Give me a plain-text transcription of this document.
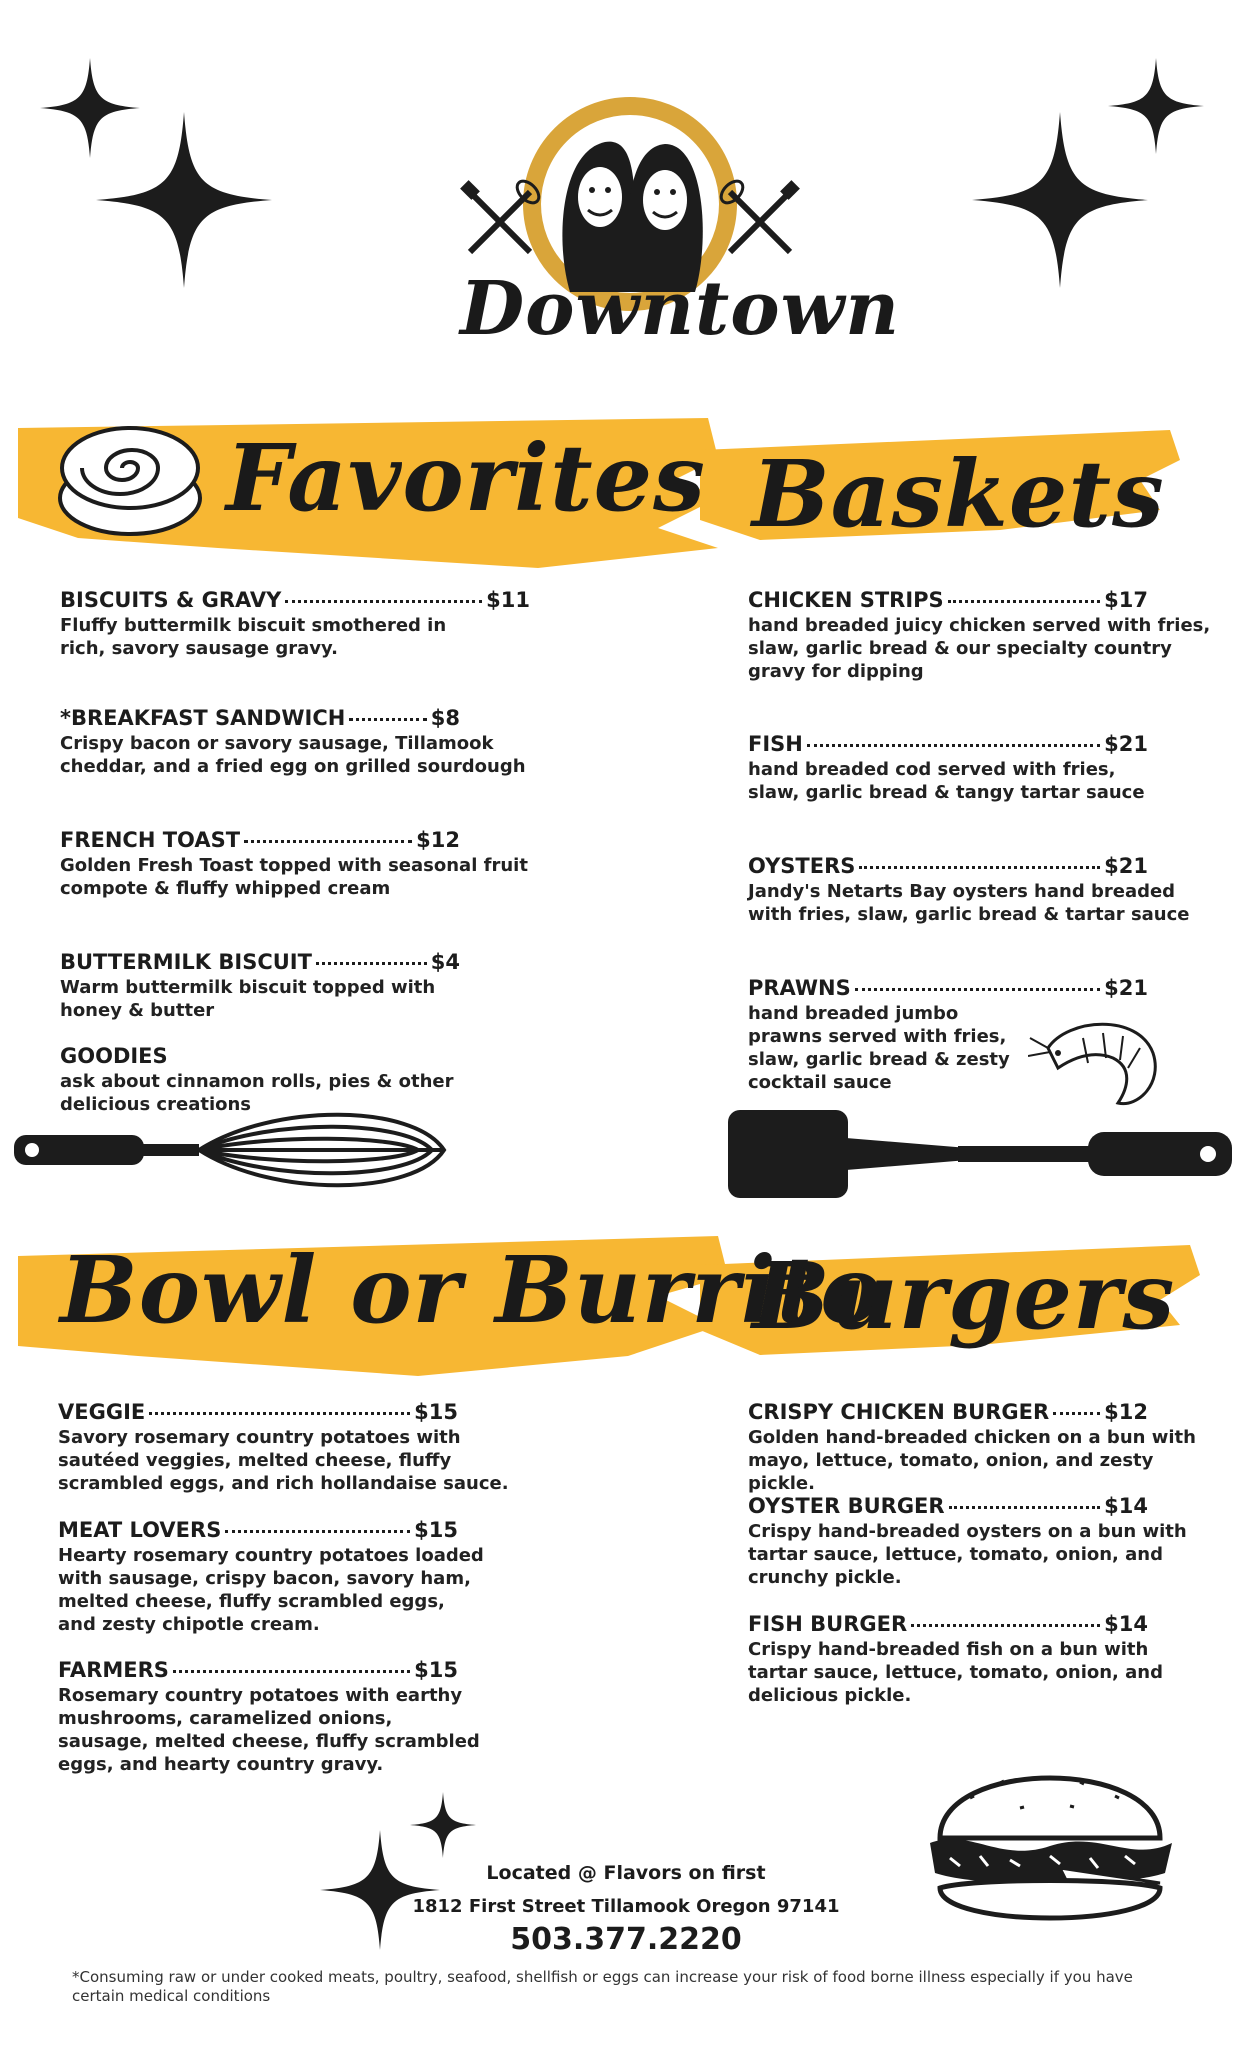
Downtown
Favorites Baskets
Bowl or Burrito
Burgers
BISCUITS & GRAVY	$11
Fluffy buttermilk biscuit smothered in rich, savory sausage gravy.
*BREAKFAST SANDWICH	$8
Crispy bacon or savory sausage, Tillamook cheddar, and a fried egg on grilled sourdough
FRENCH TOAST	$12
Golden Fresh Toast topped with seasonal fruit compote & fluffy whipped cream
BUTTERMILK BISCUIT	$4
Warm buttermilk biscuit topped with honey & butter
GOODIES
ask about cinnamon rolls, pies & other delicious creations
CHICKEN STRIPS	$17
hand breaded juicy chicken served with fries, slaw, garlic bread & our specialty country gravy for dipping
FISH	$21
hand breaded cod served with fries, slaw, garlic bread & tangy tartar sauce
OYSTERS	$21
Jandy's Netarts Bay oysters hand breaded with fries, slaw, garlic bread & tartar sauce
PRAWNS	$21
hand breaded jumbo prawns served with fries, slaw, garlic bread & zesty cocktail sauce
VEGGIE	$15
Savory rosemary country potatoes with sautéed veggies, melted cheese, fluffy scrambled eggs, and rich hollandaise sauce.
MEAT LOVERS	$15
Hearty rosemary country potatoes loaded with sausage, crispy bacon, savory ham, melted cheese, fluffy scrambled eggs, and zesty chipotle cream.
FARMERS	$15
Rosemary country potatoes with earthy mushrooms, caramelized onions, sausage, melted cheese, fluffy scrambled eggs, and hearty country gravy.
CRISPY CHICKEN BURGER	$12
Golden hand-breaded chicken on a bun with mayo, lettuce, tomato, onion, and zesty pickle.
OYSTER BURGER	$14
Crispy hand-breaded oysters on a bun with tartar sauce, lettuce, tomato, onion, and crunchy pickle.
FISH BURGER	$14
Crispy hand-breaded fish on a bun with tartar sauce, lettuce, tomato, onion, and delicious pickle.
Located @ Flavors on first
1812 First Street Tillamook Oregon 97141
503.377.2220
*Consuming raw or under cooked meats, poultry, seafood, shellfish or eggs can increase your risk of food borne illness especially if you have certain medical conditions
